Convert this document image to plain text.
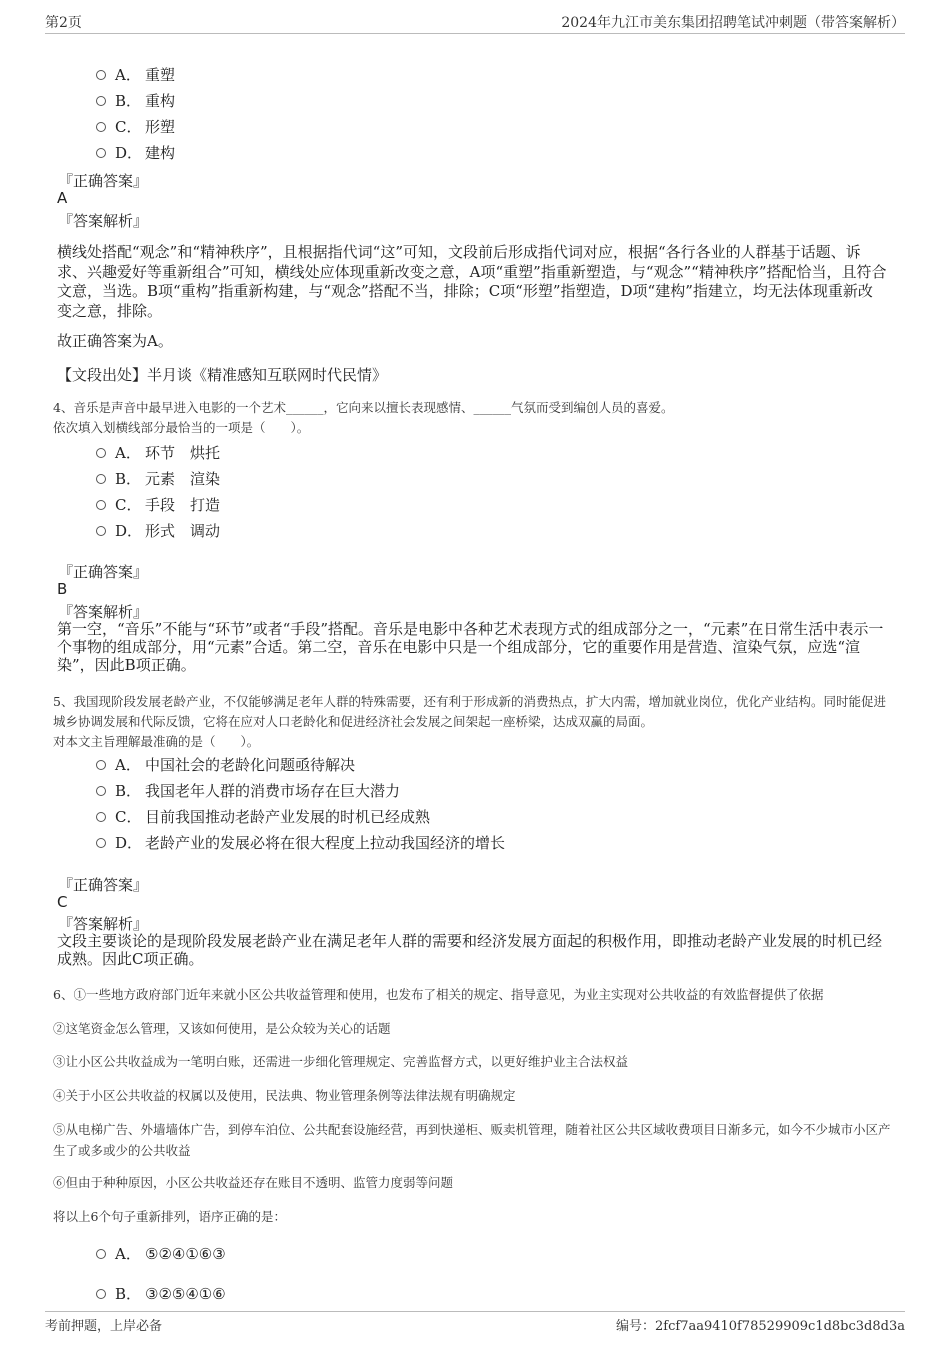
第2页	2024年九江市美东集团招聘笔试冲刺题（带答案解析）
A． 重塑
B． 重构
C． 形塑
D． 建构
『正确答案』
A
『答案解析』
横线处搭配“观念”和“精神秩序”，且根据指代词“这”可知，文段前后形成指代词对应，根据“各行各业的人群基于话题、诉求、兴趣爱好等重新组合”可知，横线处应体现重新改变之意，A项“重塑”指重新塑造，与“观念”“精神秩序”搭配恰当，且符合文意，当选。B项“重构”指重新构建，与“观念”搭配不当，排除；C项“形塑”指塑造，D项“建构”指建立，均无法体现重新改变之意，排除。
故正确答案为A。
【文段出处】半月谈《精准感知互联网时代民情》

4、音乐是声音中最早进入电影的一个艺术______，它向来以擅长表现感情、______气氛而受到编创人员的喜爱。

依次填入划横线部分最恰当的一项是（　　）。

A． 环节　烘托
B． 元素　渲染
C． 手段　打造
D． 形式　调动
『正确答案』
B
『答案解析』
第一空，“音乐”不能与“环节”或者“手段”搭配。音乐是电影中各种艺术表现方式的组成部分之一，“元素”在日常生活中表示一个事物的组成部分，用“元素”合适。第二空，音乐在电影中只是一个组成部分，它的重要作用是营造、渲染气氛，应选“渲染”，因此B项正确。

5、我国现阶段发展老龄产业，不仅能够满足老年人群的特殊需要，还有利于形成新的消费热点，扩大内需，增加就业岗位，优化产业结构。同时能促进城乡协调发展和代际反馈，它将在应对人口老龄化和促进经济社会发展之间架起一座桥梁，达成双赢的局面。

对本文主旨理解最准确的是（　　）。

A． 中国社会的老龄化问题亟待解决
B． 我国老年人群的消费市场存在巨大潜力
C． 目前我国推动老龄产业发展的时机已经成熟
D． 老龄产业的发展必将在很大程度上拉动我国经济的增长
『正确答案』
C
『答案解析』
文段主要谈论的是现阶段发展老龄产业在满足老年人群的需要和经济发展方面起的积极作用，即推动老龄产业发展的时机已经成熟。因此C项正确。
6、①一些地方政府部门近年来就小区公共收益管理和使用，也发布了相关的规定、指导意见，为业主实现对公共收益的有效监督提供了依据
②这笔资金怎么管理，又该如何使用，是公众较为关心的话题
③让小区公共收益成为一笔明白账，还需进一步细化管理规定、完善监督方式，以更好维护业主合法权益
④关于小区公共收益的权属以及使用，民法典、物业管理条例等法律法规有明确规定
⑤从电梯广告、外墙墙体广告，到停车泊位、公共配套设施经营，再到快递柜、贩卖机管理，随着社区公共区域收费项目日渐多元，如今不少城市小区产生了或多或少的公共收益
⑥但由于种种原因，小区公共收益还存在账目不透明、监管力度弱等问题
将以上6个句子重新排列，语序正确的是：
A． ⑤②④①⑥③
B． ③②⑤④①⑥
考前押题，上岸必备	编号：2fcf7aa9410f78529909c1d8bc3d8d3a
